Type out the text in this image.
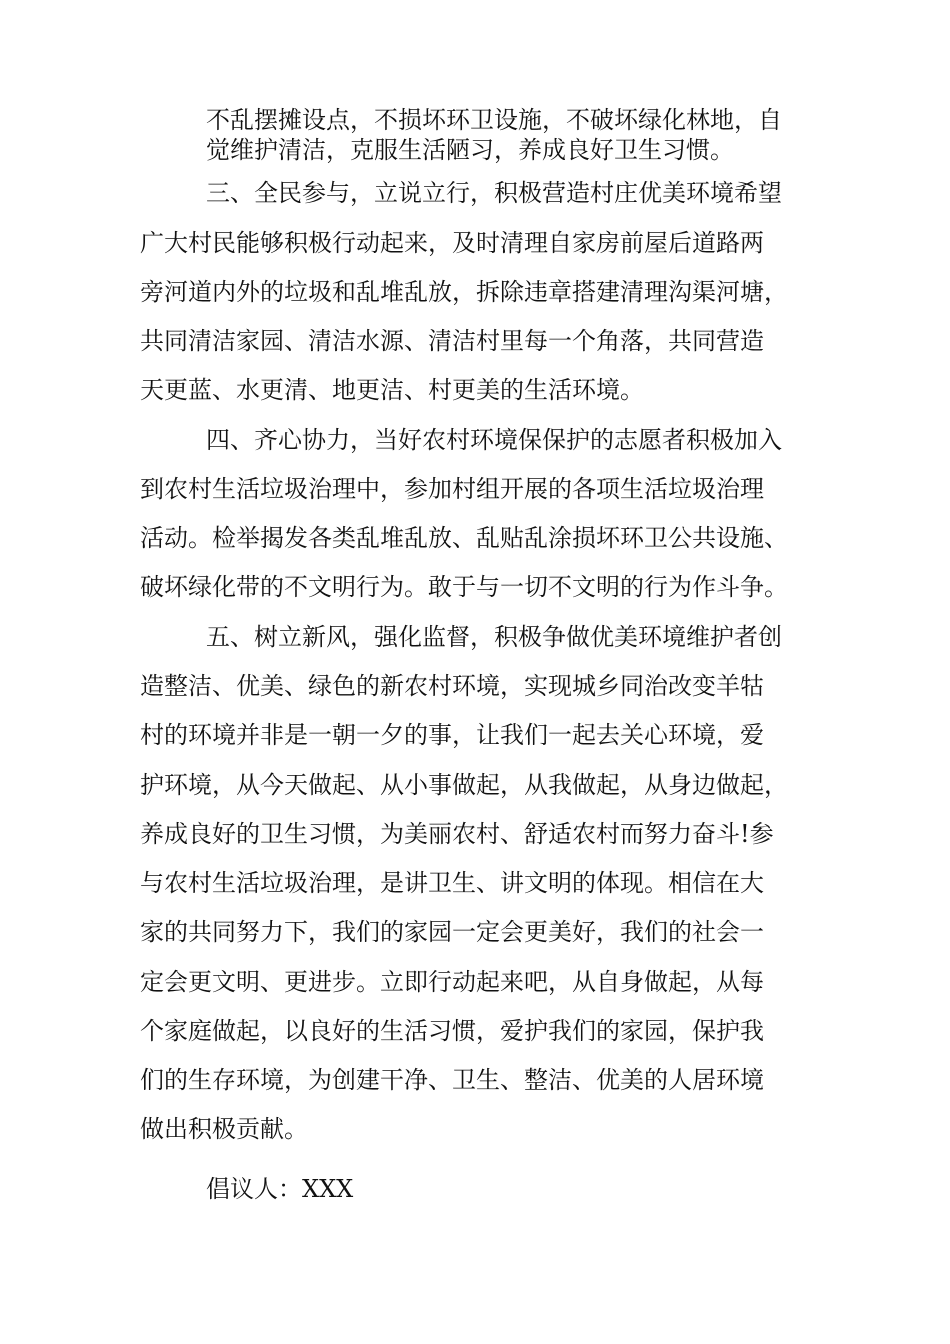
不乱摆摊设点，不损坏环卫设施，不破坏绿化林地，自
觉维护清洁，克服生活陋习，养成良好卫生习惯。
三、全民参与，立说立行，积极营造村庄优美环境希望
广大村民能够积极行动起来，及时清理自家房前屋后道路两
旁河道内外的垃圾和乱堆乱放，拆除违章搭建清理沟渠河塘，
共同清洁家园、清洁水源、清洁村里每一个角落，共同营造
天更蓝、水更清、地更洁、村更美的生活环境。
四、齐心协力，当好农村环境保保护的志愿者积极加入
到农村生活垃圾治理中，参加村组开展的各项生活垃圾治理
活动。检举揭发各类乱堆乱放、乱贴乱涂损坏环卫公共设施、
破坏绿化带的不文明行为。敢于与一切不文明的行为作斗争。
五、树立新风，强化监督，积极争做优美环境维护者创
造整洁、优美、绿色的新农村环境，实现城乡同治改变羊牯
村的环境并非是一朝一夕的事，让我们一起去关心环境，爱
护环境，从今天做起、从小事做起，从我做起，从身边做起，
养成良好的卫生习惯，为美丽农村、舒适农村而努力奋斗!参
与农村生活垃圾治理，是讲卫生、讲文明的体现。相信在大
家的共同努力下，我们的家园一定会更美好，我们的社会一
定会更文明、更进步。立即行动起来吧，从自身做起，从每
个家庭做起，以良好的生活习惯，爱护我们的家园，保护我
们的生存环境，为创建干净、卫生、整洁、优美的人居环境
做出积极贡献。
倡议人：XXX
